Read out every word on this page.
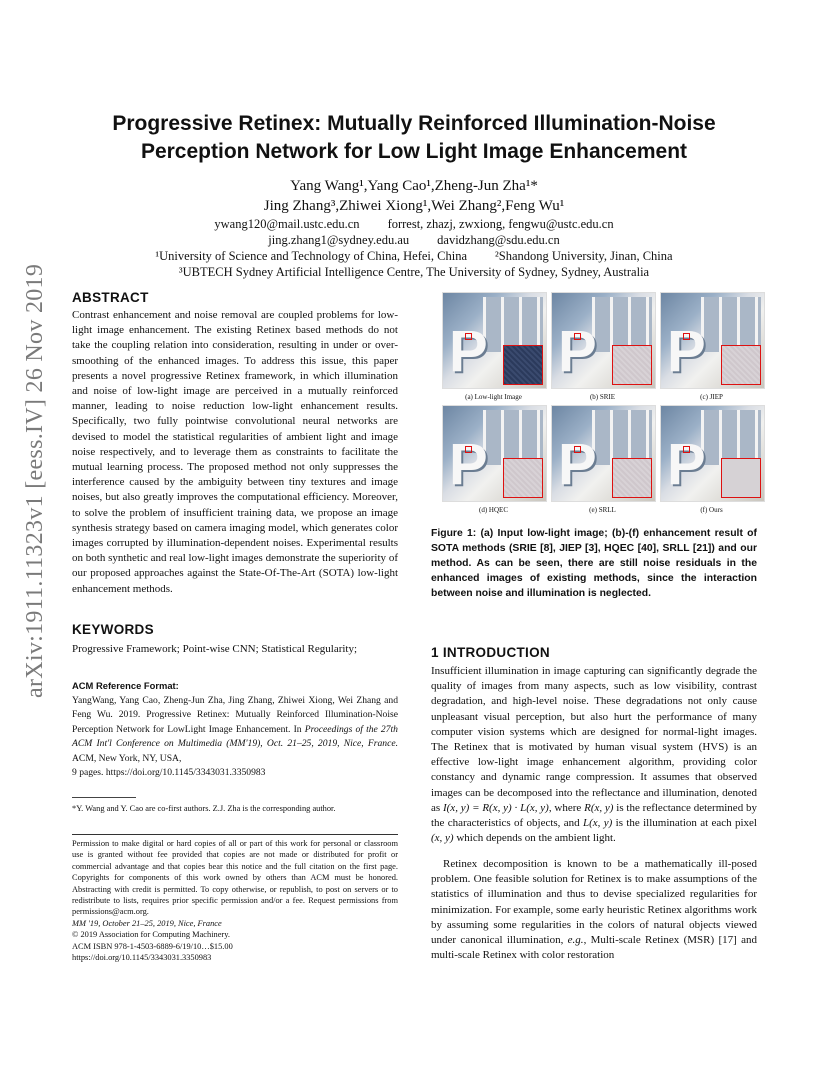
arXiv:1911.11323v1 [eess.IV] 26 Nov 2019
Progressive Retinex: Mutually Reinforced Illumination-Noise
Perception Network for Low Light Image Enhancement
Yang Wang¹,Yang Cao¹,Zheng-Jun Zha¹*
Jing Zhang³,Zhiwei Xiong¹,Wei Zhang²,Feng Wu¹
ywang120@mail.ustc.edu.cn forrest, zhazj, zwxiong, fengwu@ustc.edu.cn
jing.zhang1@sydney.edu.au davidzhang@sdu.edu.cn
¹University of Science and Technology of China, Hefei, China ²Shandong University, Jinan, China
³UBTECH Sydney Artificial Intelligence Centre, The University of Sydney, Sydney, Australia
ABSTRACT
Contrast enhancement and noise removal are coupled problems for low-light image enhancement. The existing Retinex based methods do not take the coupling relation into consideration, resulting in under or over-smoothing of the enhanced images. To address this issue, this paper presents a novel progressive Retinex framework, in which illumination and noise of low-light image are perceived in a mutually reinforced manner, leading to noise reduction low-light enhancement results. Specifically, two fully pointwise convolutional neural networks are devised to model the statistical regularities of ambient light and image noise respectively, and to leverage them as constraints to facilitate the mutual learning process. The proposed method not only suppresses the interference caused by the ambiguity between tiny textures and image noises, but also greatly improves the computational efficiency. Moreover, to solve the problem of insufficient training data, we propose an image synthesis strategy based on camera imaging model, which generates color images corrupted by illumination-dependent noises. Experimental results on both synthetic and real low-light images demonstrate the superiority of our proposed approaches against the State-Of-The-Art (SOTA) low-light enhancement methods.
KEYWORDS
Progressive Framework; Point-wise CNN; Statistical Regularity;
ACM Reference Format:
YangWang, Yang Cao, Zheng-Jun Zha, Jing Zhang, Zhiwei Xiong, Wei Zhang and Feng Wu. 2019. Progressive Retinex: Mutually Reinforced Illumination-Noise Perception Network for LowLight Image Enhancement. In Proceedings of the 27th ACM Int'l Conference on Multimedia (MM'19), Oct. 21–25, 2019, Nice, France. ACM, New York, NY, USA,
9 pages. https://doi.org/10.1145/3343031.3350983
*Y. Wang and Y. Cao are co-first authors. Z.J. Zha is the corresponding author.
Permission to make digital or hard copies of all or part of this work for personal or classroom use is granted without fee provided that copies are not made or distributed for profit or commercial advantage and that copies bear this notice and the full citation on the first page. Copyrights for components of this work owned by others than ACM must be honored. Abstracting with credit is permitted. To copy otherwise, or republish, to post on servers or to redistribute to lists, requires prior specific permission and/or a fee. Request permissions from permissions@acm.org.
MM '19, October 21–25, 2019, Nice, France
© 2019 Association for Computing Machinery.
ACM ISBN 978-1-4503-6889-6/19/10…$15.00
https://doi.org/10.1145/3343031.3350983
P
(a) Low-light Image
P
(b) SRIE
P
(c) JIEP
P
(d) HQEC
P
(e) SRLL
P
(f) Ours
Figure 1: (a) Input low-light image; (b)-(f) enhancement result of SOTA methods (SRIE [8], JIEP [3], HQEC [40], SRLL [21]) and our method. As can be seen, there are still noise residuals in the enhanced images of existing methods, since the interaction between noise and illumination is neglected.
1 INTRODUCTION
Insufficient illumination in image capturing can significantly degrade the quality of images from many aspects, such as low visibility, contrast degradation, and high-level noise. These degradations not only cause unpleasant visual perception, but also hurt the performance of many computer vision systems which are designed for normal-light images. The Retinex that is motivated by human visual system (HVS) is an effective low-light image enhancement algorithm, providing color constancy and dynamic range compression. It assumes that observed images can be decomposed into the reflectance and illumination, denoted as I(x, y) = R(x, y) · L(x, y), where R(x, y) is the reflectance determined by the characteristics of objects, and L(x, y) is the illumination at each pixel (x, y) which depends on the ambient light.
Retinex decomposition is known to be a mathematically ill-posed problem. One feasible solution for Retinex is to make assumptions of the statistics of illumination and thus to devise specialized regularities for minimization. For example, some early heuristic Retinex algorithms work by assuming some regularities in the colors of natural objects viewed under canonical illumination, e.g., Multi-scale Retinex (MSR) [17] and multi-scale Retinex with color restoration
